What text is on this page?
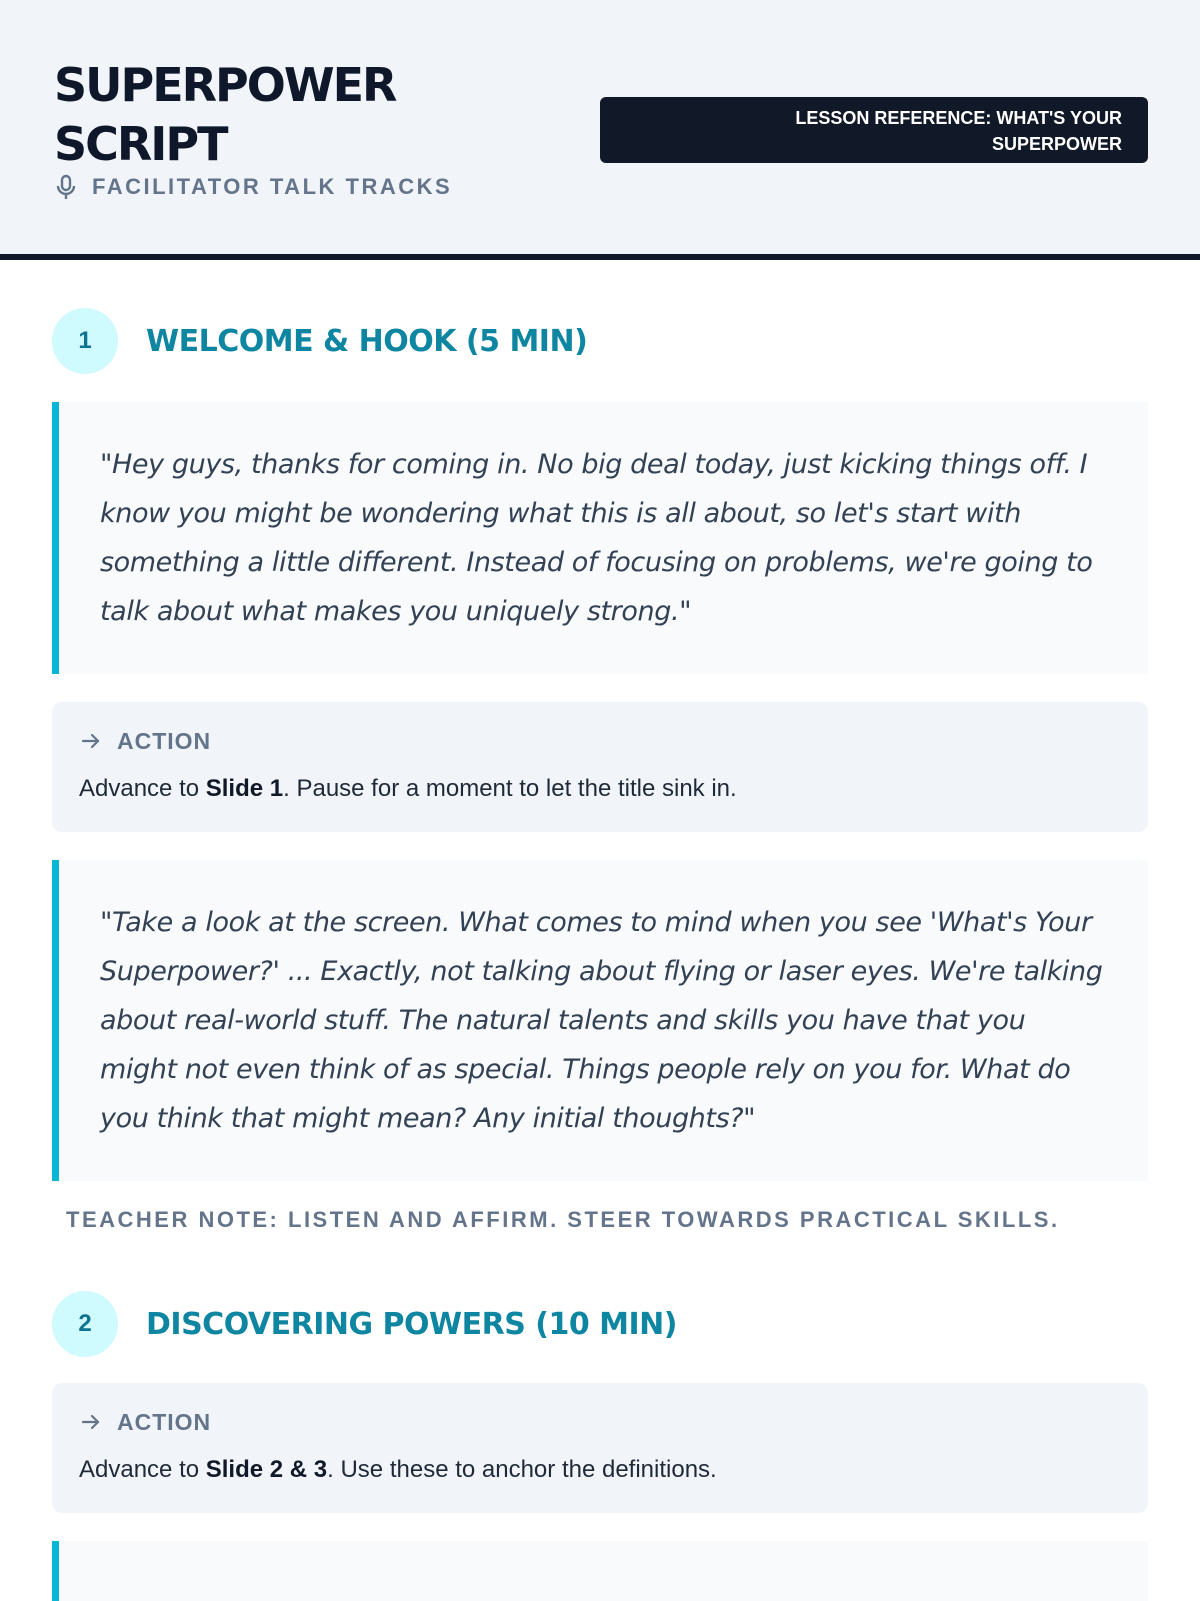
SUPERPOWER
SCRIPT
FACILITATOR TALK TRACKS
LESSON REFERENCE: WHAT'S YOUR
SUPERPOWER
1	WELCOME & HOOK (5 MIN)
"Hey guys, thanks for coming in. No big deal today, just kicking things off. I know you might be wondering what this is all about, so let's start with something a little different. Instead of focusing on problems, we're going to talk about what makes you uniquely strong."
ACTION
Advance to Slide 1. Pause for a moment to let the title sink in.
"Take a look at the screen. What comes to mind when you see 'What's Your Superpower?' ... Exactly, not talking about flying or laser eyes. We're talking about real-world stuff. The natural talents and skills you have that you might not even think of as special. Things people rely on you for. What do you think that might mean? Any initial thoughts?"
TEACHER NOTE: LISTEN AND AFFIRM. STEER TOWARDS PRACTICAL SKILLS.
2	DISCOVERING POWERS (10 MIN)
ACTION
Advance to Slide 2 & 3. Use these to anchor the definitions.
